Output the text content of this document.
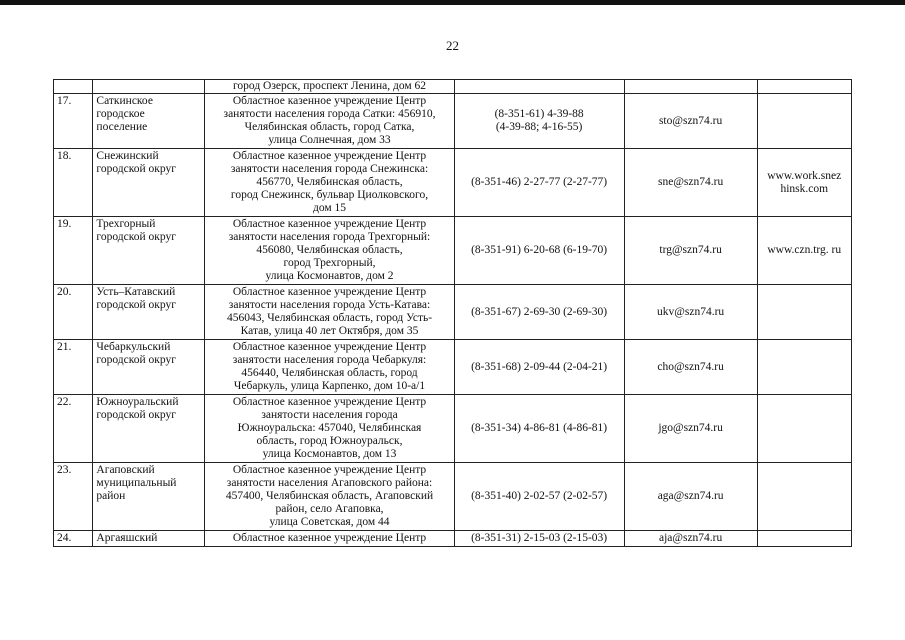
22

		город Озерск, проспект Ленина, дом 62			

17.	Саткинское
городское
поселение	Областное казенное учреждение Центр
занятости населения города Сатки: 456910,
Челябинская область, город Сатка,
улица Солнечная, дом 33	(8-351-61) 4-39-88
(4-39-88; 4-16-55)	sto@szn74.ru	

18.	Снежинский
городской округ	Областное казенное учреждение Центр
занятости населения города Снежинска:
456770, Челябинская область,
город Снежинск, бульвар Циолковского,
дом 15	(8-351-46) 2-27-77 (2-27-77)	sne@szn74.ru	www.work.snez
hinsk.com

19.	Трехгорный
городской округ	Областное казенное учреждение Центр
занятости населения города Трехгорный:
456080, Челябинская область,
город Трехгорный,
улица Космонавтов, дом 2	(8-351-91) 6-20-68 (6-19-70)	trg@szn74.ru	www.czn.trg. ru

20.	Усть–Катавский
городской округ	Областное казенное учреждение Центр
занятости населения города Усть-Катава:
456043, Челябинская область, город Усть-
Катав, улица 40 лет Октября, дом 35	(8-351-67) 2-69-30 (2-69-30)	ukv@szn74.ru	

21.	Чебаркульский
городской округ	Областное казенное учреждение Центр
занятости населения города Чебаркуля:
456440, Челябинская область, город
Чебаркуль, улица Карпенко, дом 10-а/1	(8-351-68) 2-09-44 (2-04-21)	cho@szn74.ru	

22.	Южноуральский
городской округ	Областное казенное учреждение Центр
занятости населения города
Южноуральска: 457040, Челябинская
область, город Южноуральск,
улица Космонавтов, дом 13	(8-351-34) 4-86-81 (4-86-81)	jgo@szn74.ru	

23.	Агаповский
муниципальный
район	Областное казенное учреждение Центр
занятости населения Агаповского района:
457400, Челябинская область, Агаповский
район, село Агаповка,
улица Советская, дом 44	(8-351-40) 2-02-57 (2-02-57)	aga@szn74.ru	

24.	Аргаяшский	Областное казенное учреждение Центр	(8-351-31) 2-15-03 (2-15-03)	aja@szn74.ru	
